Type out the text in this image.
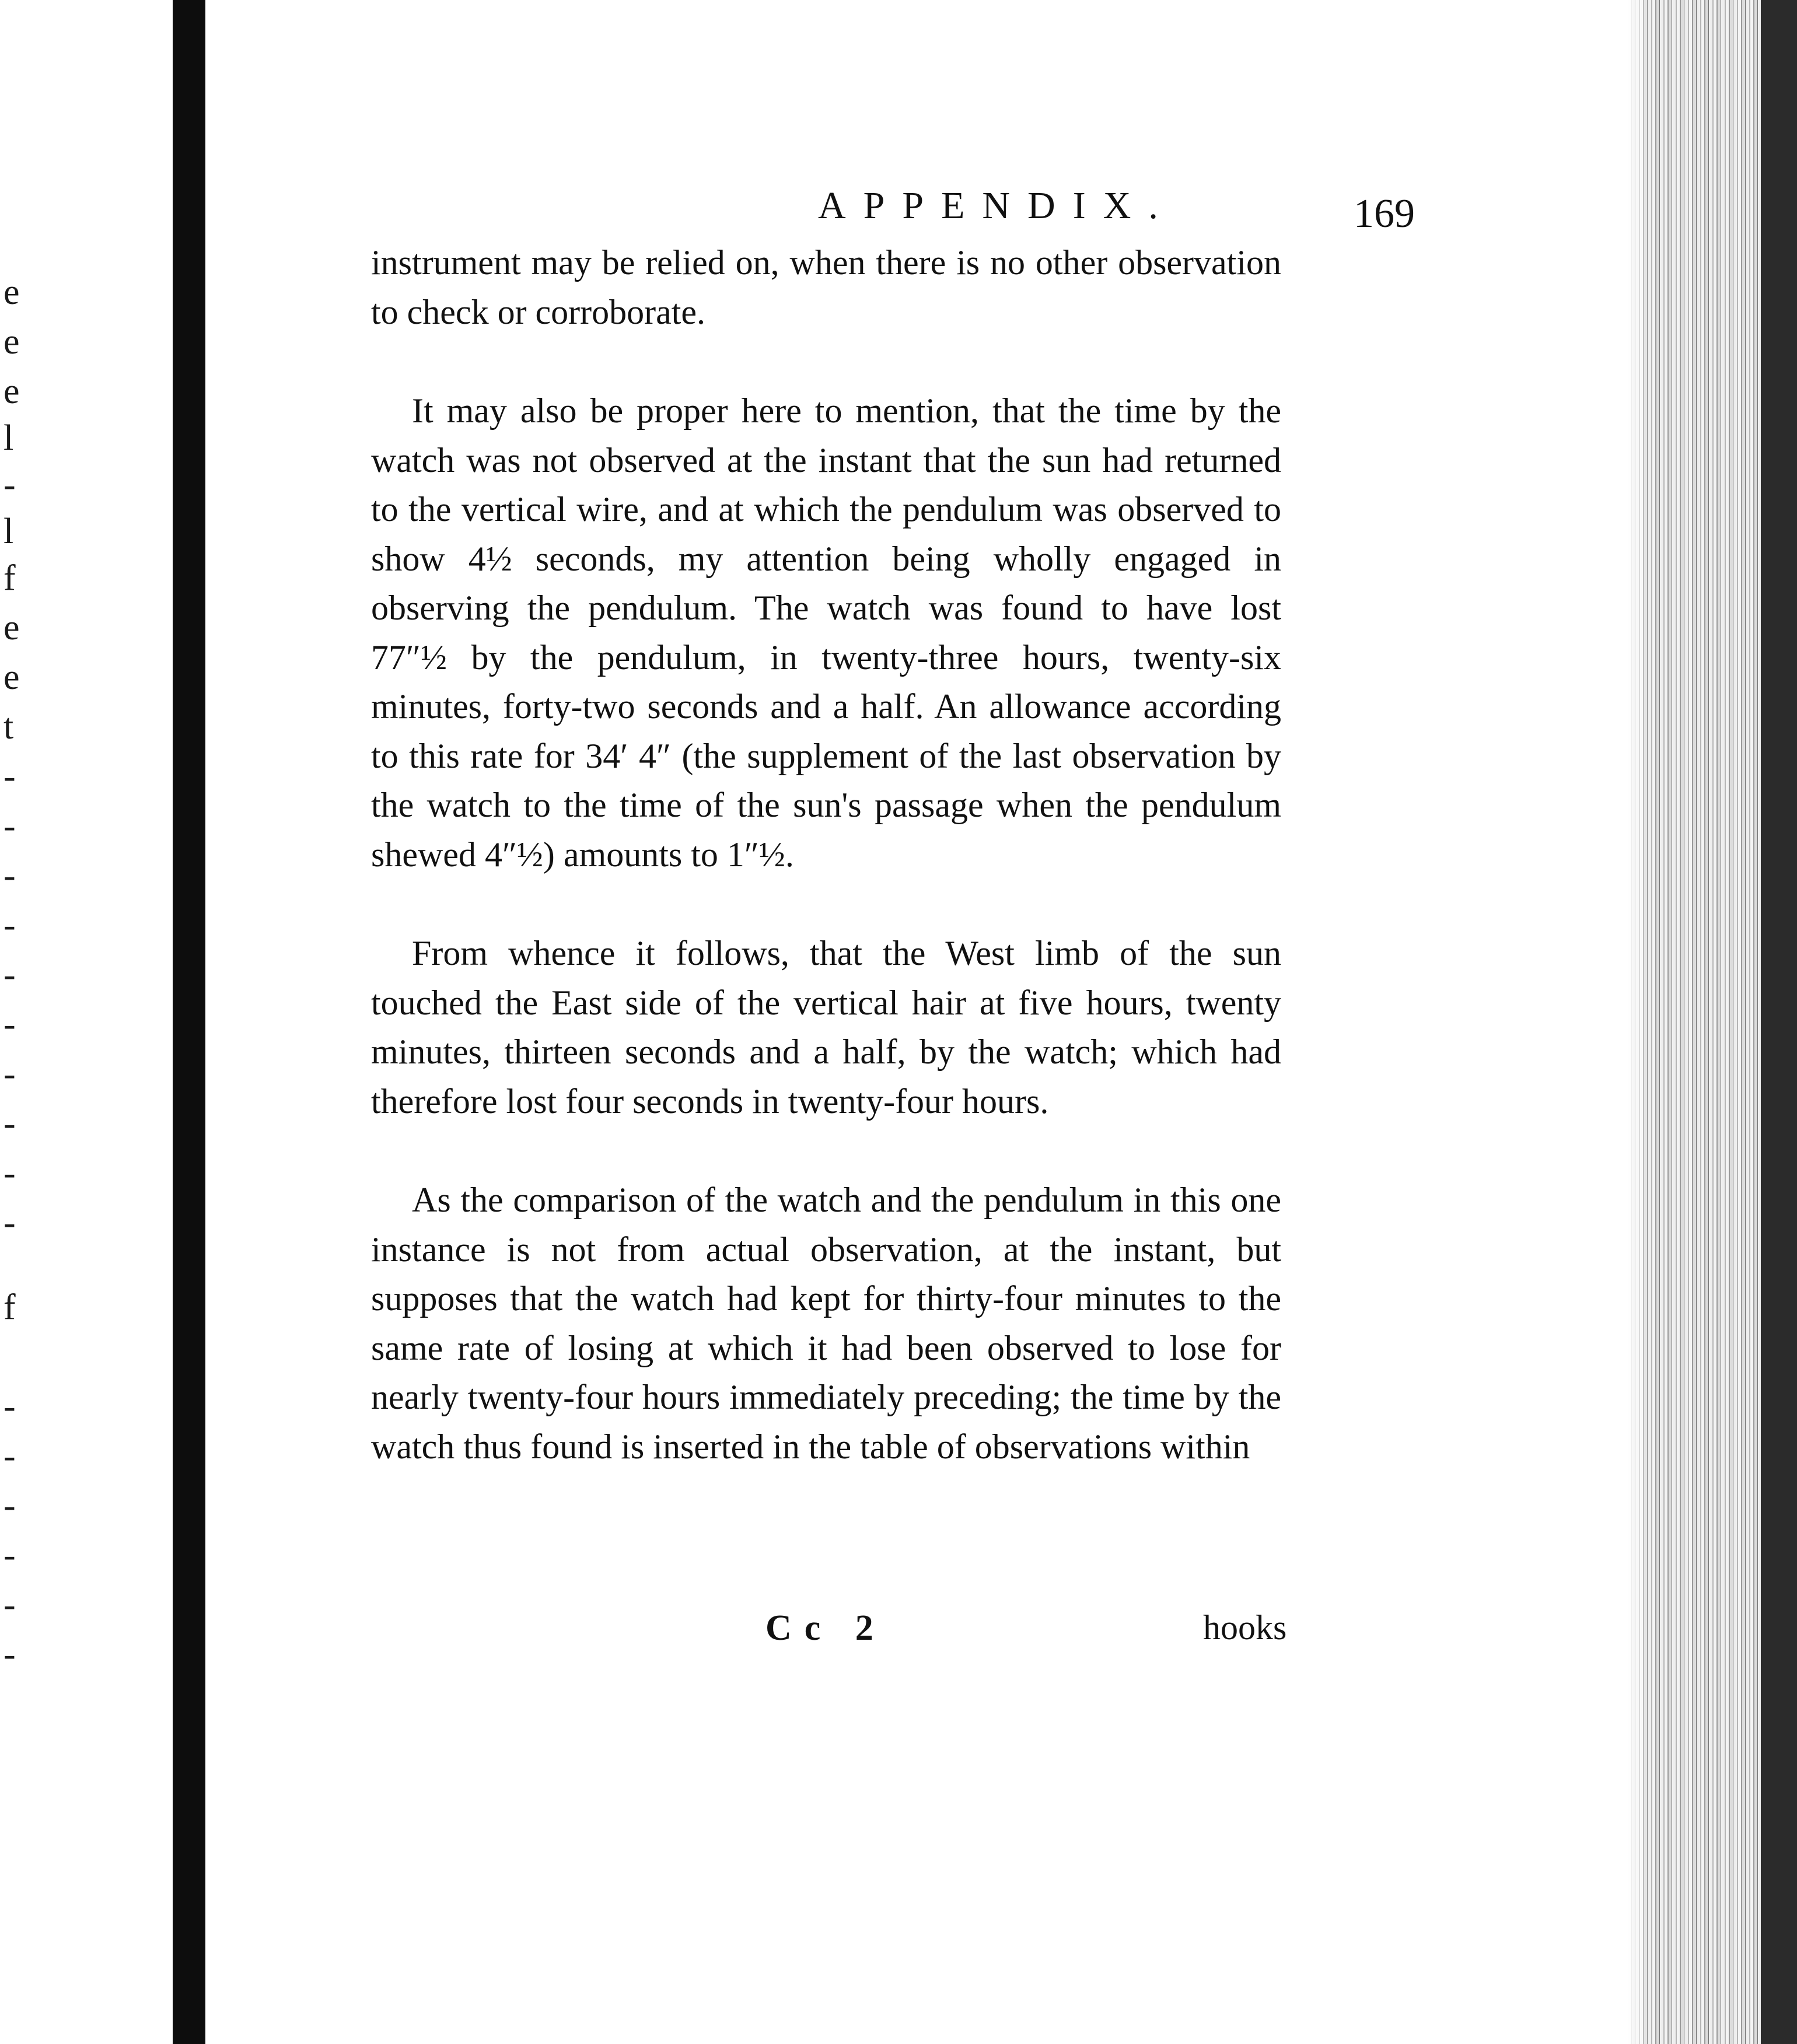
e
e
e
l
-
l
f
e
e
t
-
-
-
-
-
-
-
-
-
-
f
-
-
-
-
-
-
APPENDIX.	169

instrument may be relied on, when there is no other observation to check or corroborate.

It may also be proper here to mention, that the time by the watch was not observed at the instant that the sun had returned to the vertical wire, and at which the pendulum was observed to show 4½ seconds, my attention being wholly engaged in observing the pendulum. The watch was found to have lost 77″½ by the pendulum, in twenty-three hours, twenty-six minutes, forty-two seconds and a half. An allowance according to this rate for 34′ 4″ (the supplement of the last observation by the watch to the time of the sun's passage when the pendulum shewed 4″½) amounts to 1″½.

From whence it follows, that the West limb of the sun touched the East side of the vertical hair at five hours, twenty minutes, thirteen seconds and a half, by the watch; which had therefore lost four seconds in twenty-four hours.

As the comparison of the watch and the pendulum in this one instance is not from actual observation, at the instant, but supposes that the watch had kept for thirty-four minutes to the same rate of losing at which it had been observed to lose for nearly twenty-four hours immediately preceding; the time by the watch thus found is inserted in the table of observations within

Cc 2	hooks
